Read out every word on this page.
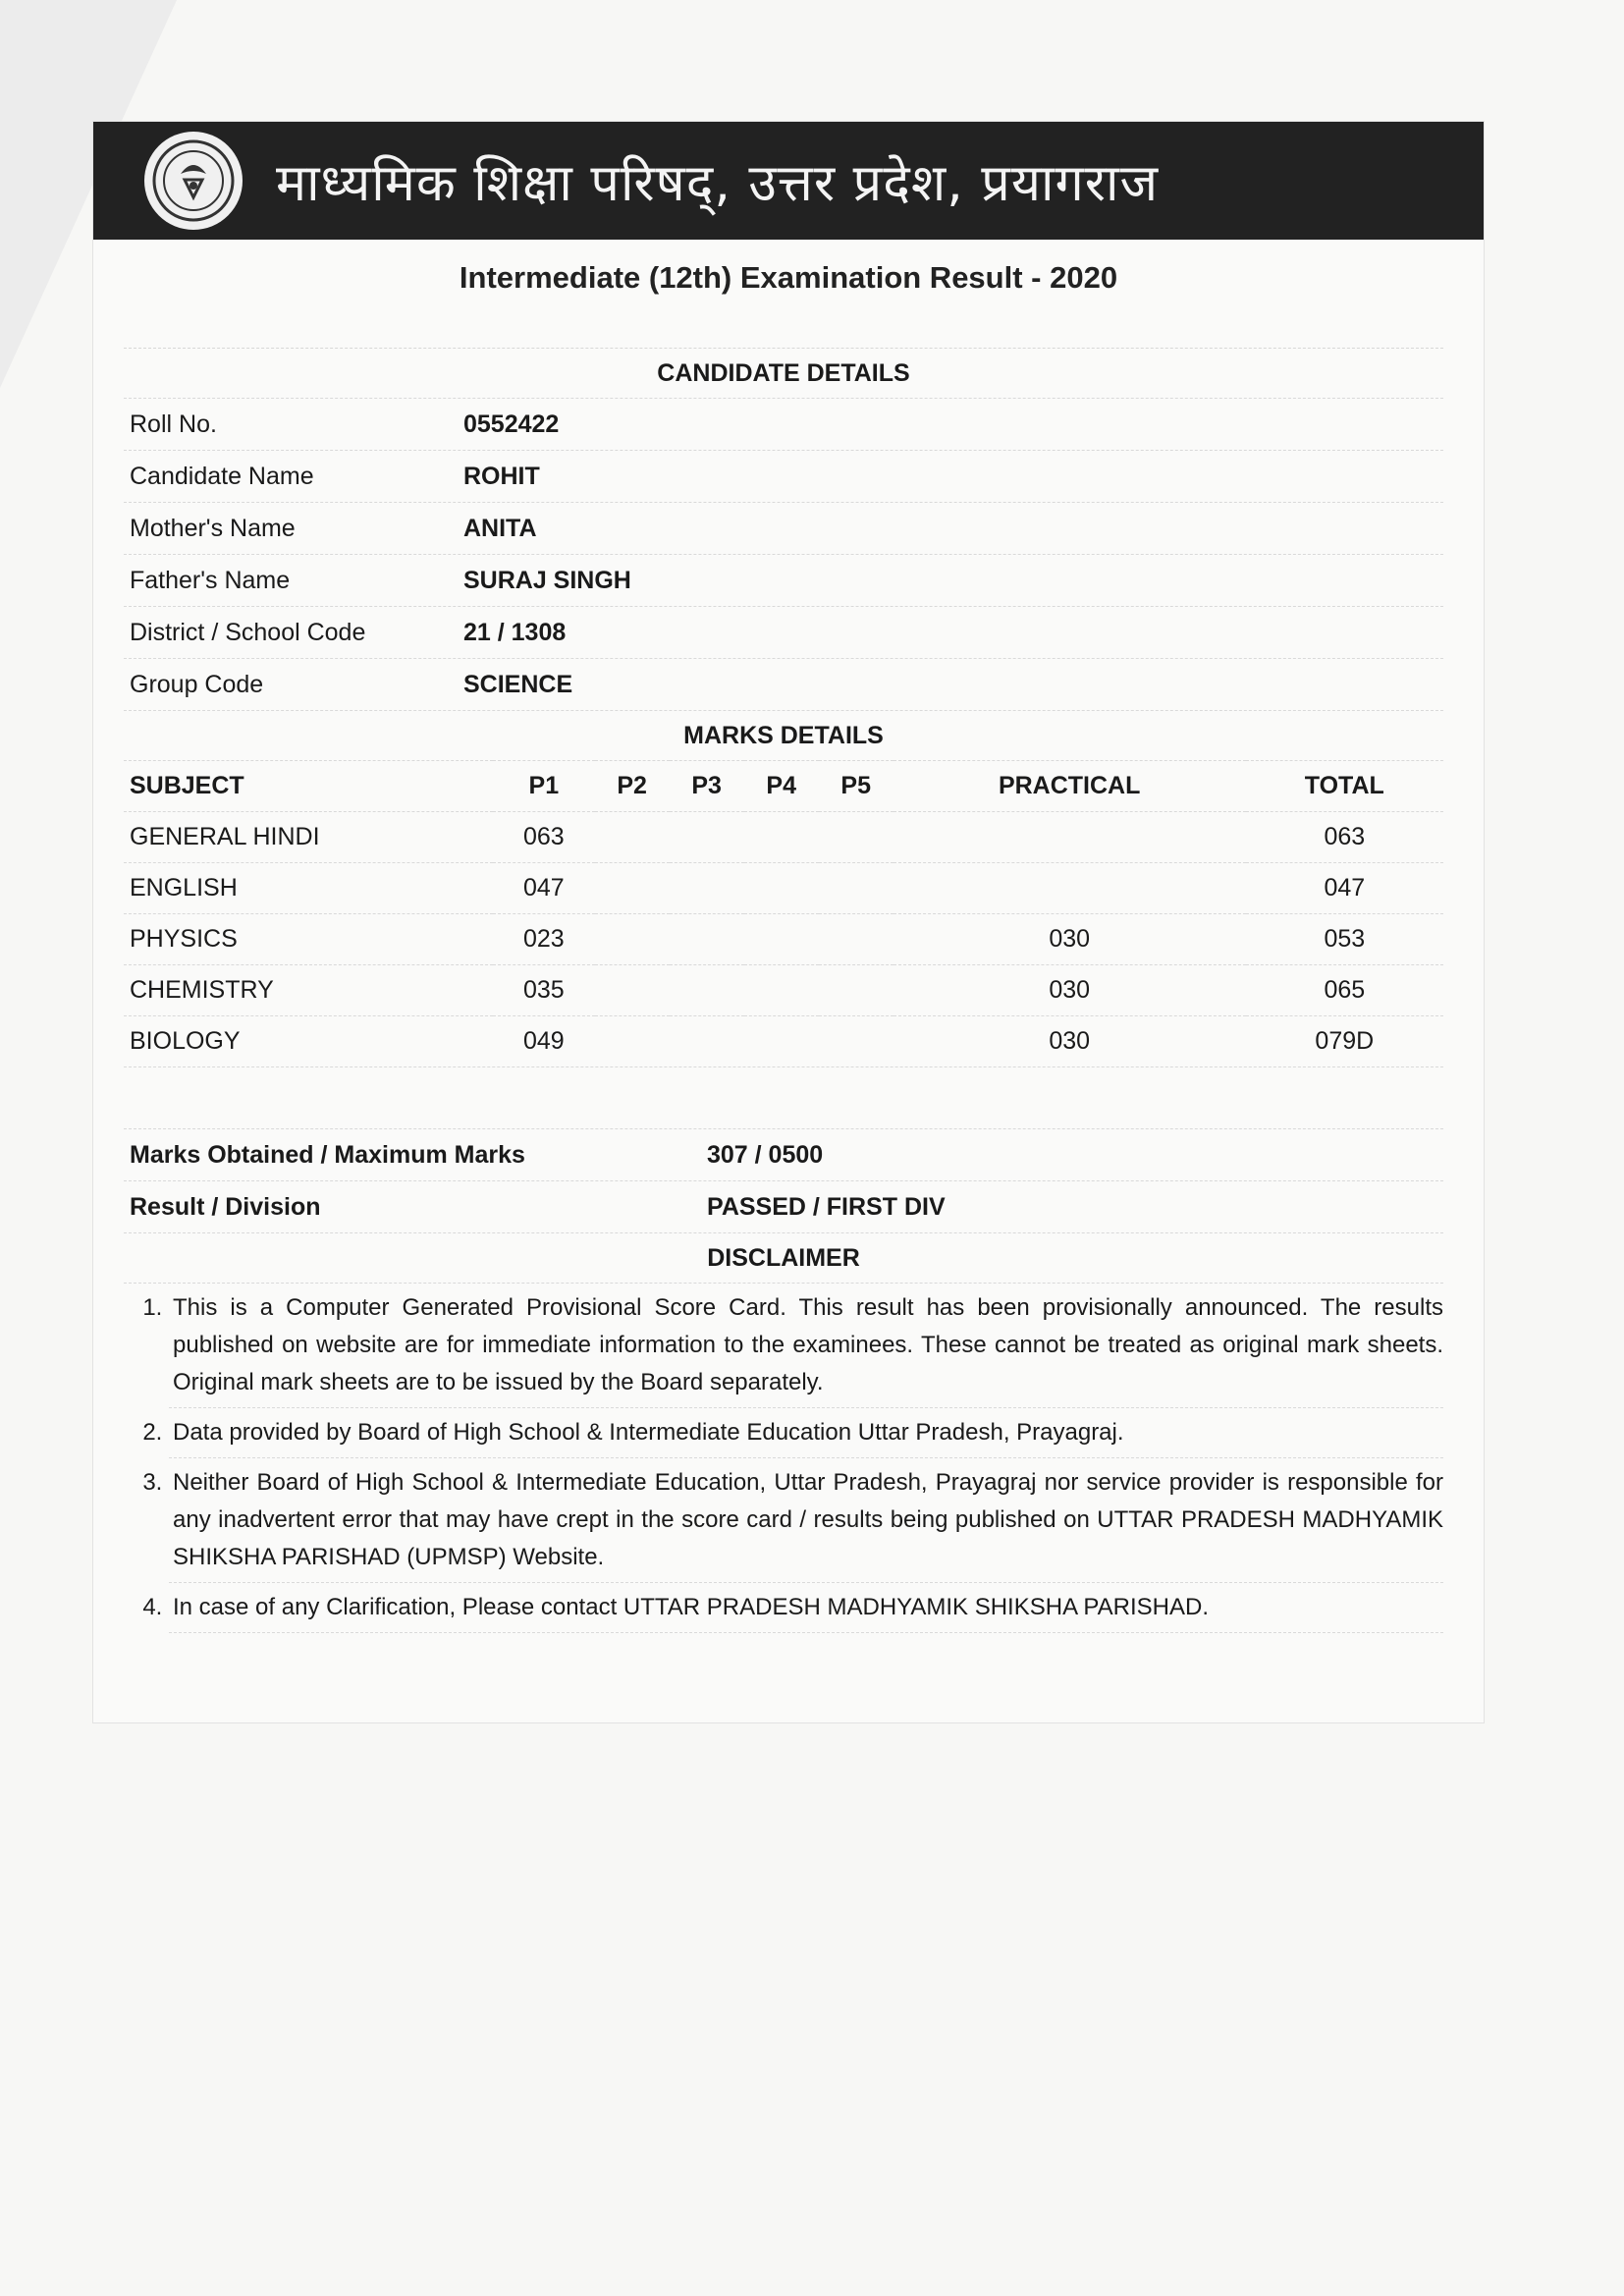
माध्यमिक शिक्षा परिषद्, उत्तर प्रदेश, प्रयागराज
Intermediate (12th) Examination Result - 2020
CANDIDATE DETAILS
Roll No.	0552422
Candidate Name	ROHIT
Mother's Name	ANITA
Father's Name	SURAJ SINGH
District / School Code	21 / 1308
Group Code	SCIENCE
MARKS DETAILS
SUBJECT	P1	P2	P3	P4	P5	PRACTICAL	TOTAL
GENERAL HINDI	063						063
ENGLISH	047						047
PHYSICS	023					030	053
CHEMISTRY	035					030	065
BIOLOGY	049					030	079D
Marks Obtained / Maximum Marks	307 / 0500
Result / Division	PASSED / FIRST DIV
DISCLAIMER
1. This is a Computer Generated Provisional Score Card. This result has been provisionally announced. The results published on website are for immediate information to the examinees. These cannot be treated as original mark sheets. Original mark sheets are to be issued by the Board separately.
2. Data provided by Board of High School & Intermediate Education Uttar Pradesh, Prayagraj.
3. Neither Board of High School & Intermediate Education, Uttar Pradesh, Prayagraj nor service provider is responsible for any inadvertent error that may have crept in the score card / results being published on UTTAR PRADESH MADHYAMIK SHIKSHA PARISHAD (UPMSP) Website.
4. In case of any Clarification, Please contact UTTAR PRADESH MADHYAMIK SHIKSHA PARISHAD.
